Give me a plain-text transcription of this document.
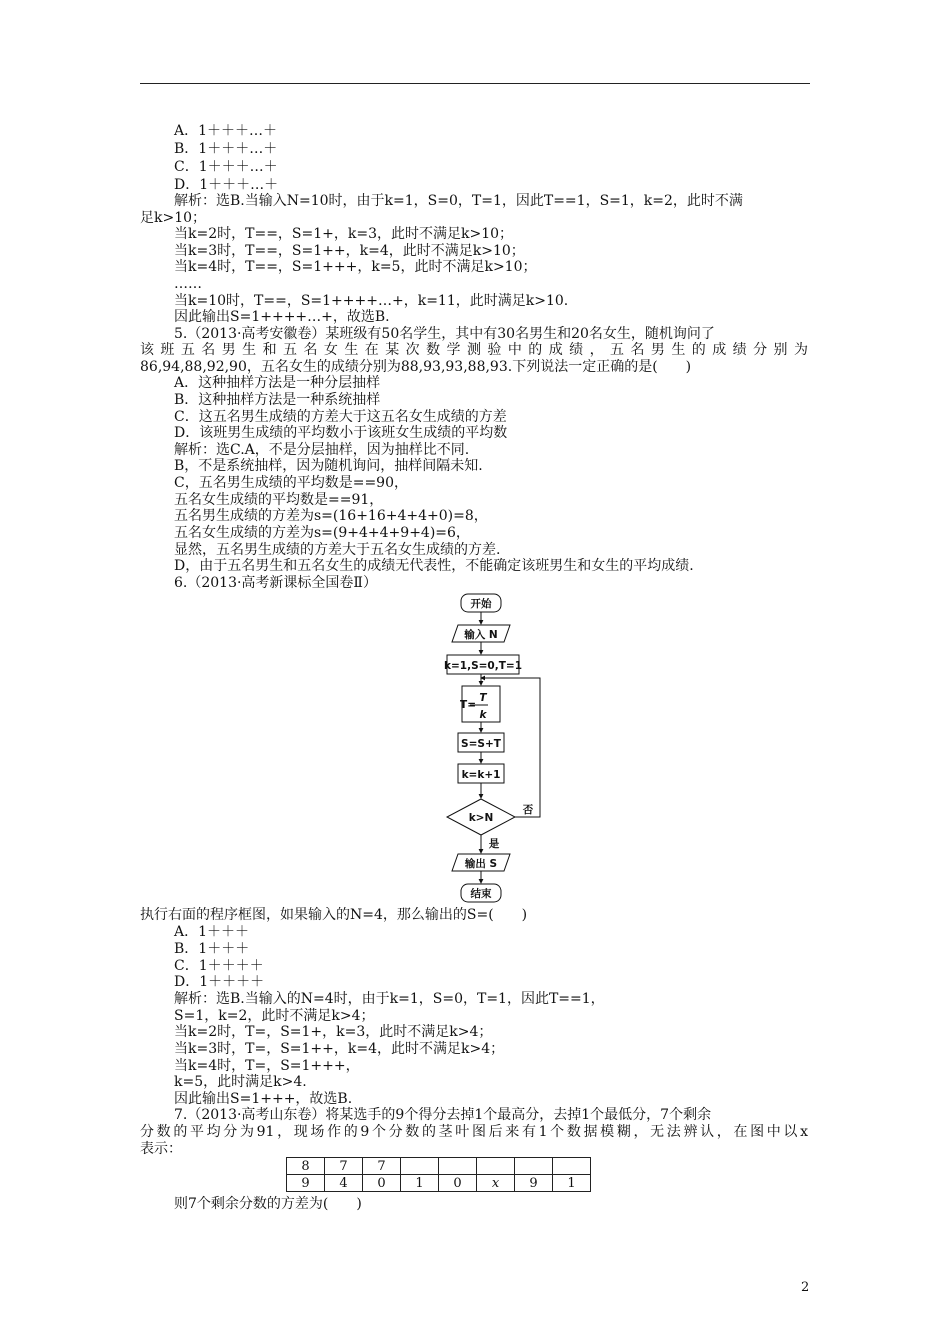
A．1＋＋＋…＋
B．1＋＋＋…＋
C．1＋＋＋…＋
D．1＋＋＋…＋
解析：选B.当输入N=10时，由于k=1，S=0，T=1，因此T==1，S=1，k=2，此时不满
足k>10；
当k=2时，T==，S=1+，k=3，此时不满足k>10；
当k=3时，T==，S=1++，k=4，此时不满足k>10；
当k=4时，T==，S=1+++，k=5，此时不满足k>10；
……
当k=10时，T==，S=1++++…+，k=11，此时满足k>10.
因此输出S=1++++…+，故选B.
5.（2013·高考安徽卷）某班级有50名学生，其中有30名男生和20名女生，随机询问了
该班五名男生和五名女生在某次数学测验中的成绩，五名男生的成绩分别为
86,94,88,92,90，五名女生的成绩分别为88,93,93,88,93.下列说法一定正确的是(　　)
A．这种抽样方法是一种分层抽样
B．这种抽样方法是一种系统抽样
C．这五名男生成绩的方差大于这五名女生成绩的方差
D．该班男生成绩的平均数小于该班女生成绩的平均数
解析：选C.A，不是分层抽样，因为抽样比不同.
B，不是系统抽样，因为随机询问，抽样间隔未知.
C，五名男生成绩的平均数是==90，
五名女生成绩的平均数是==91，
五名男生成绩的方差为s=(16+16+4+4+0)=8，
五名女生成绩的方差为s=(9+4+4+9+4)=6，
显然，五名男生成绩的方差大于五名女生成绩的方差.
D，由于五名男生和五名女生的成绩无代表性，不能确定该班男生和女生的平均成绩.
6.（2013·高考新课标全国卷Ⅱ）
开始
输入 N
k=1,S=0,T=1
T=
T
k
S=S+T
k=k+1
k>N
否
是
输出 S
结束
执行右面的程序框图，如果输入的N=4，那么输出的S=(　　)
A．1＋＋＋
B．1＋＋＋
C．1＋＋＋＋
D．1＋＋＋＋
解析：选B.当输入的N=4时，由于k=1，S=0，T=1，因此T==1，
S=1，k=2，此时不满足k>4；
当k=2时，T=，S=1+，k=3，此时不满足k>4；
当k=3时，T=，S=1++，k=4，此时不满足k>4；
当k=4时，T=，S=1+++，
k=5，此时满足k>4.
因此输出S=1+++，故选B.
7.（2013·高考山东卷）将某选手的9个得分去掉1个最高分，去掉1个最低分，7个剩余
分数的平均分为91，现场作的9个分数的茎叶图后来有1个数据模糊，无法辨认，在图中以x
表示：
8	7	7					
9	4	0	1	0	x	9	1
则7个剩余分数的方差为(　　)
2
